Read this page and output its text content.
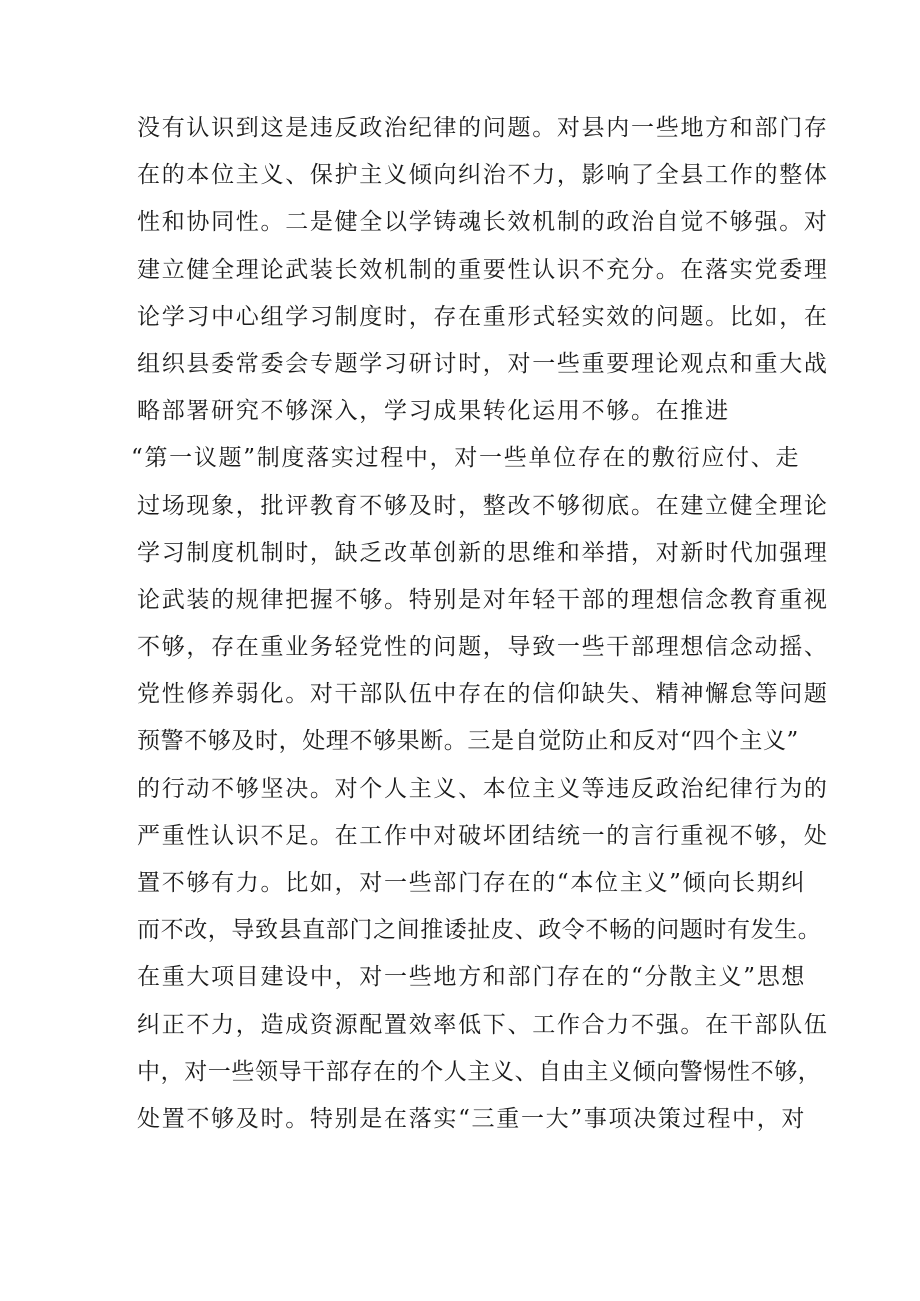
没有认识到这是违反政治纪律的问题。对县内一些地方和部门存
在的本位主义、保护主义倾向纠治不力，影响了全县工作的整体
性和协同性。二是健全以学铸魂长效机制的政治自觉不够强。对
建立健全理论武装长效机制的重要性认识不充分。在落实党委理
论学习中心组学习制度时，存在重形式轻实效的问题。比如，在
组织县委常委会专题学习研讨时，对一些重要理论观点和重大战
略部署研究不够深入，学习成果转化运用不够。在推进
“第一议题”制度落实过程中，对一些单位存在的敷衍应付、走
过场现象，批评教育不够及时，整改不够彻底。在建立健全理论
学习制度机制时，缺乏改革创新的思维和举措，对新时代加强理
论武装的规律把握不够。特别是对年轻干部的理想信念教育重视
不够，存在重业务轻党性的问题，导致一些干部理想信念动摇、
党性修养弱化。对干部队伍中存在的信仰缺失、精神懈怠等问题
预警不够及时，处理不够果断。三是自觉防止和反对“四个主义”
的行动不够坚决。对个人主义、本位主义等违反政治纪律行为的
严重性认识不足。在工作中对破坏团结统一的言行重视不够，处
置不够有力。比如，对一些部门存在的“本位主义”倾向长期纠
而不改，导致县直部门之间推诿扯皮、政令不畅的问题时有发生。
在重大项目建设中，对一些地方和部门存在的“分散主义”思想
纠正不力，造成资源配置效率低下、工作合力不强。在干部队伍
中，对一些领导干部存在的个人主义、自由主义倾向警惕性不够，
处置不够及时。特别是在落实“三重一大”事项决策过程中，对
